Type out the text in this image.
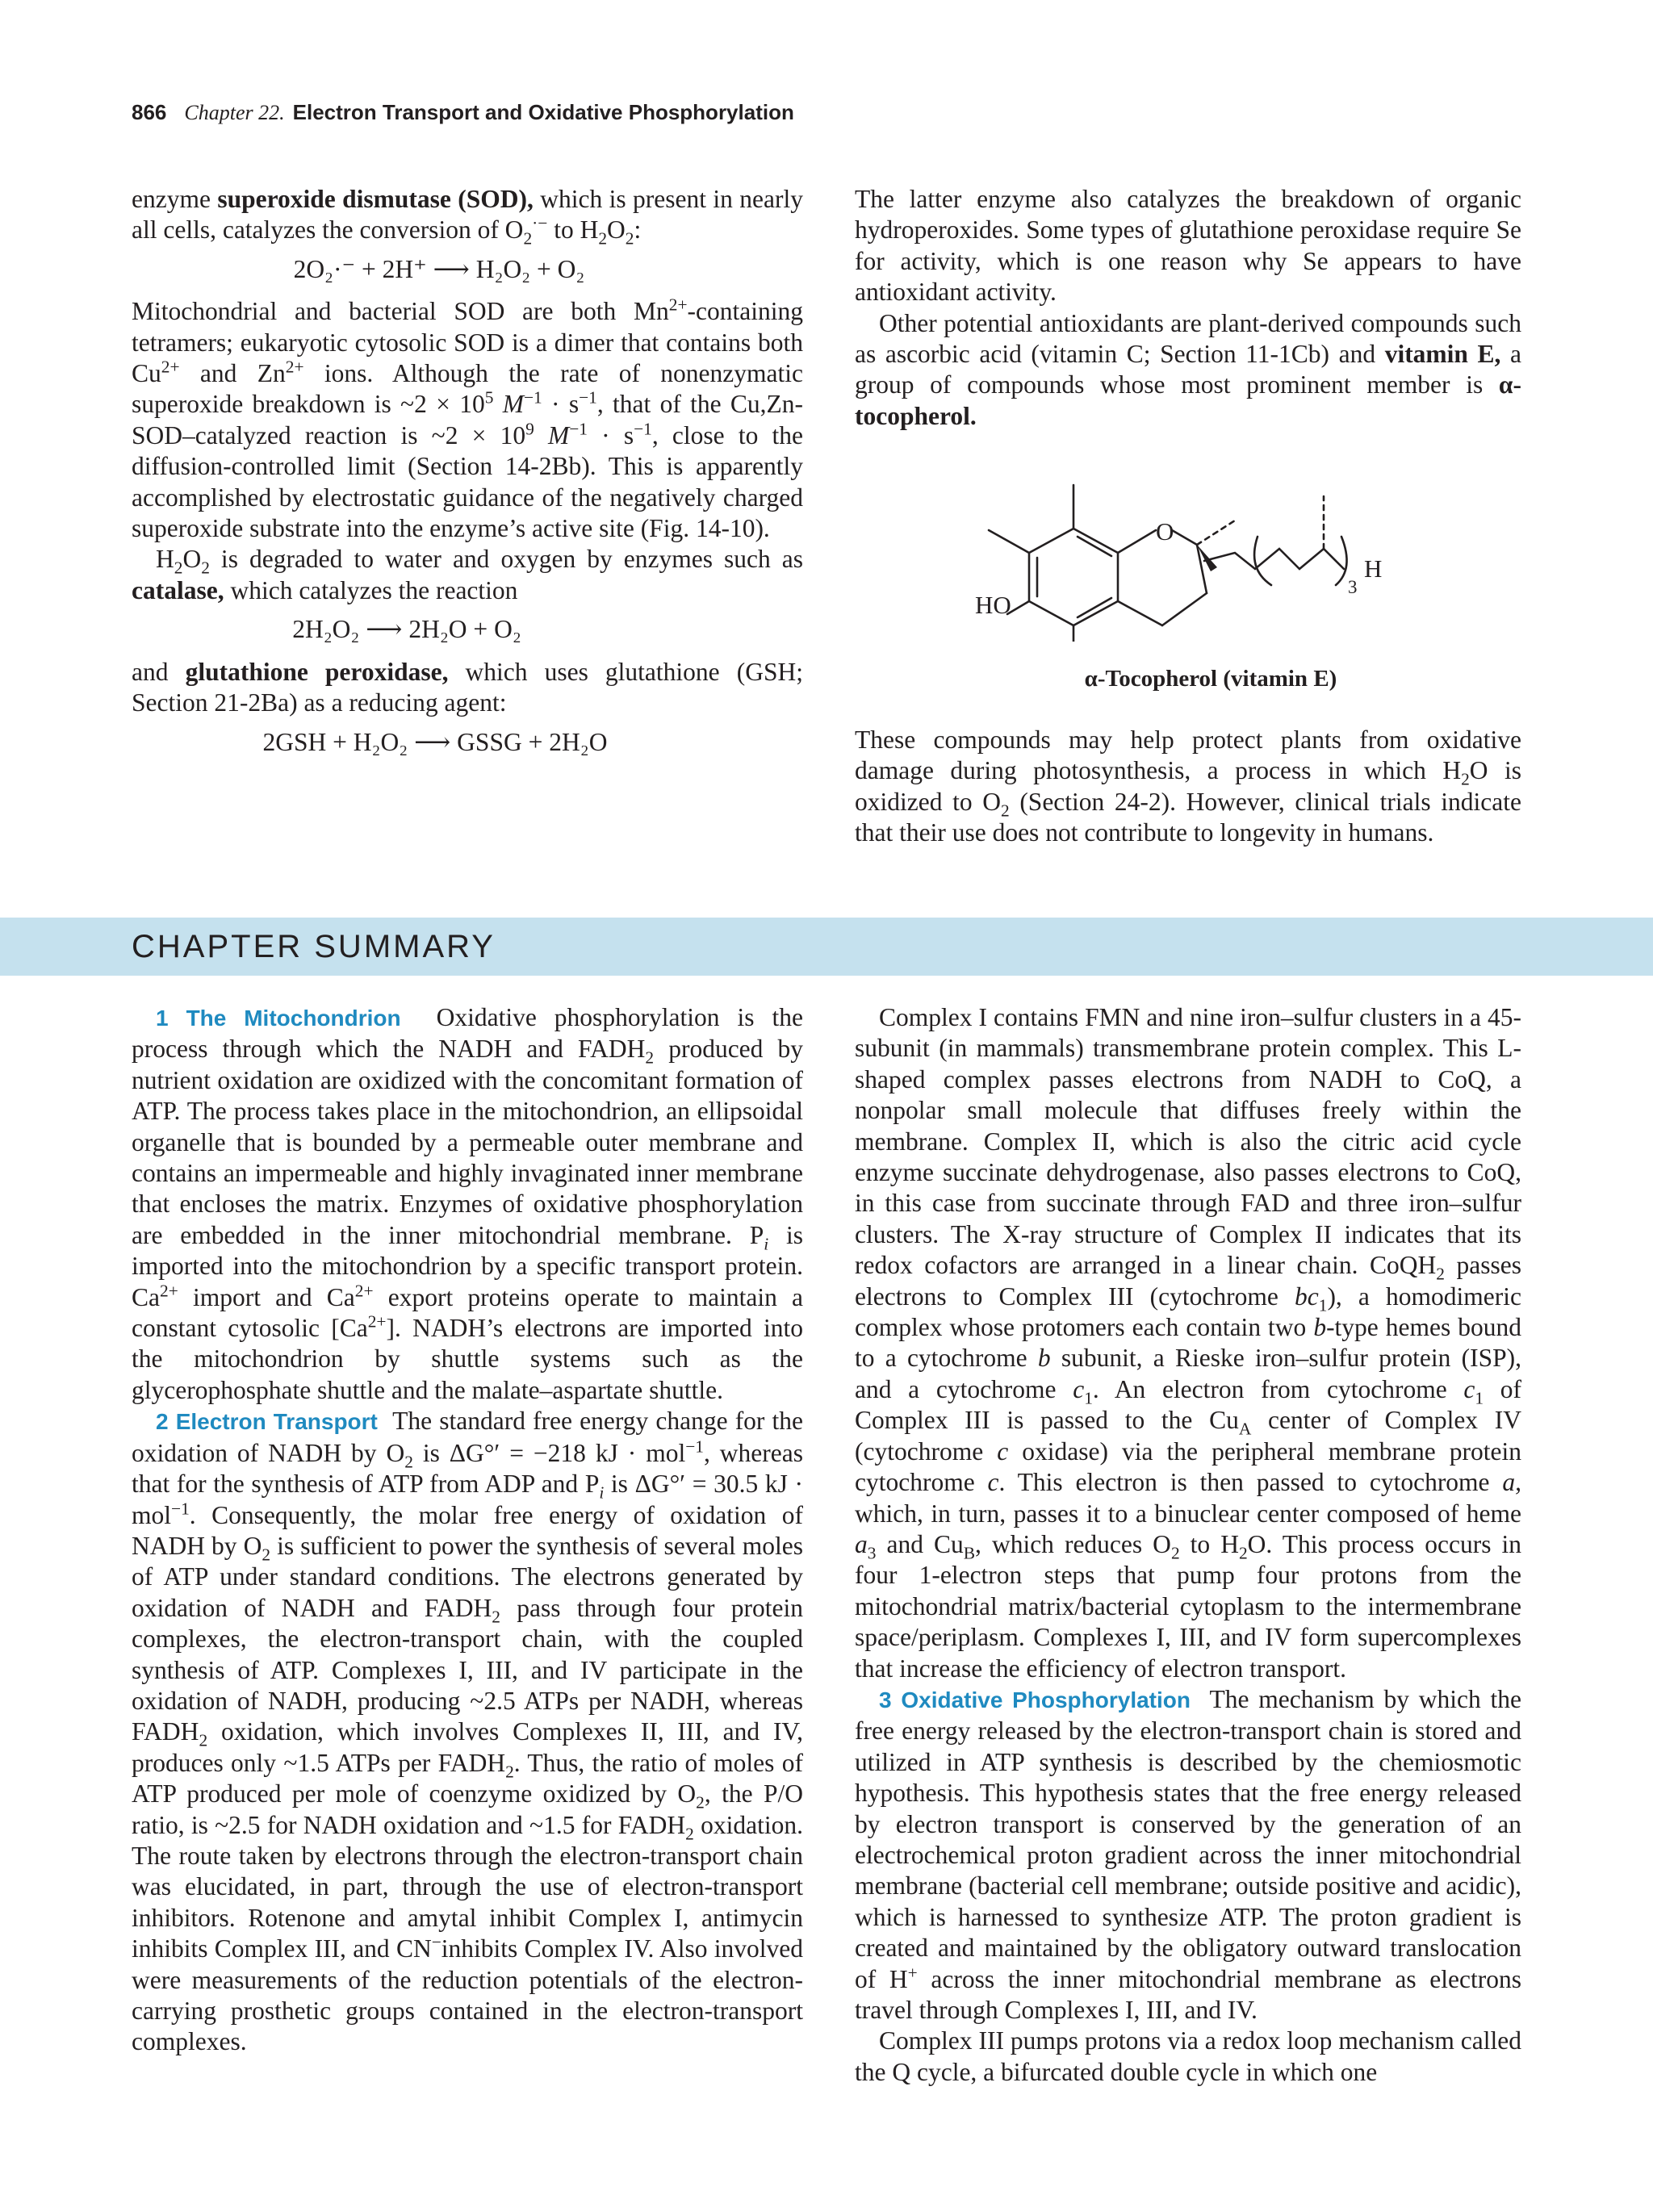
866 Chapter 22. Electron Transport and Oxidative Phosphorylation

enzyme superoxide dismutase (SOD), which is present in nearly all cells, catalyzes the conversion of $O_2^{\cdot-}$ to $H_2O_2$:

2O₂·⁻ + 2H⁺ ⟶ H₂O₂ + O₂

Mitochondrial and bacterial SOD are both $Mn^{2+}$-containing tetramers; eukaryotic cytosolic SOD is a dimer that contains both $Cu^{2+}$ and $Zn^{2+}$ ions. Although the rate of nonenzymatic superoxide breakdown is ~2 × $10^5$ $M^{-1} \cdot s^{-1}$, that of the Cu,Zn-SOD–catalyzed reaction is ~2 × $10^9$ $M^{-1} \cdot s^{-1}$, close to the diffusion-controlled limit (Section 14-2Bb). This is apparently accomplished by electrostatic guidance of the negatively charged superoxide substrate into the enzyme’s active site (Fig. 14-10).

$H_2O_2$ is degraded to water and oxygen by enzymes such as catalase, which catalyzes the reaction

2H₂O₂ ⟶ 2H₂O + O₂

and glutathione peroxidase, which uses glutathione (GSH; Section 21-2Ba) as a reducing agent:

2GSH + H₂O₂ ⟶ GSSG + 2H₂O

The latter enzyme also catalyzes the breakdown of organic hydroperoxides. Some types of glutathione peroxidase require Se for activity, which is one reason why Se appears to have antioxidant activity.

Other potential antioxidants are plant-derived compounds such as ascorbic acid (vitamin C; Section 11-1Cb) and vitamin E, a group of compounds whose most prominent member is α-tocopherol.

O
HO
3
H
α-Tocopherol (vitamin E)

These compounds may help protect plants from oxidative damage during photosynthesis, a process in which $H_2O$ is oxidized to $O_2$ (Section 24-2). However, clinical trials indicate that their use does not contribute to longevity in humans.

CHAPTER SUMMARY

1 The Mitochondrion Oxidative phosphorylation is the process through which the NADH and $FADH_2$ produced by nutrient oxidation are oxidized with the concomitant formation of ATP. The process takes place in the mitochondrion, an ellipsoidal organelle that is bounded by a permeable outer membrane and contains an impermeable and highly invaginated inner membrane that encloses the matrix. Enzymes of oxidative phosphorylation are embedded in the inner mitochondrial membrane. $P_i$ is imported into the mitochondrion by a specific transport protein. $Ca^{2+}$ import and $Ca^{2+}$ export proteins operate to maintain a constant cytosolic $[Ca^{2+}]$. NADH’s electrons are imported into the mitochondrion by shuttle systems such as the glycerophosphate shuttle and the malate–aspartate shuttle.

2 Electron Transport The standard free energy change for the oxidation of NADH by $O_2$ is ΔG°′ = −218 kJ · mol$^{-1}$, whereas that for the synthesis of ATP from ADP and $P_i$ is ΔG°′ = 30.5 kJ · mol$^{-1}$. Consequently, the molar free energy of oxidation of NADH by $O_2$ is sufficient to power the synthesis of several moles of ATP under standard conditions. The electrons generated by oxidation of NADH and $FADH_2$ pass through four protein complexes, the electron-transport chain, with the coupled synthesis of ATP. Complexes I, III, and IV participate in the oxidation of NADH, producing ~2.5 ATPs per NADH, whereas $FADH_2$ oxidation, which involves Complexes II, III, and IV, produces only ~1.5 ATPs per $FADH_2$. Thus, the ratio of moles of ATP produced per mole of coenzyme oxidized by $O_2$, the P/O ratio, is ~2.5 for NADH oxidation and ~1.5 for $FADH_2$ oxidation. The route taken by electrons through the electron-transport chain was elucidated, in part, through the use of electron-transport inhibitors. Rotenone and amytal inhibit Complex I, antimycin inhibits Complex III, and CN−inhibits Complex IV. Also involved were measurements of the reduction potentials of the electron-carrying prosthetic groups contained in the electron-transport complexes.

Complex I contains FMN and nine iron–sulfur clusters in a 45-subunit (in mammals) transmembrane protein complex. This L-shaped complex passes electrons from NADH to CoQ, a nonpolar small molecule that diffuses freely within the membrane. Complex II, which is also the citric acid cycle enzyme succinate dehydrogenase, also passes electrons to CoQ, in this case from succinate through FAD and three iron–sulfur clusters. The X-ray structure of Complex II indicates that its redox cofactors are arranged in a linear chain. CoQH$_2$ passes electrons to Complex III (cytochrome $bc_1$), a homodimeric complex whose protomers each contain two b-type hemes bound to a cytochrome b subunit, a Rieske iron–sulfur protein (ISP), and a cytochrome $c_1$. An electron from cytochrome $c_1$ of Complex III is passed to the $Cu_A$ center of Complex IV (cytochrome c oxidase) via the peripheral membrane protein cytochrome c. This electron is then passed to cytochrome a, which, in turn, passes it to a binuclear center composed of heme $a_3$ and $Cu_B$, which reduces $O_2$ to $H_2O$. This process occurs in four 1-electron steps that pump four protons from the mitochondrial matrix/bacterial cytoplasm to the intermembrane space/periplasm. Complexes I, III, and IV form supercomplexes that increase the efficiency of electron transport.

3 Oxidative Phosphorylation The mechanism by which the free energy released by the electron-transport chain is stored and utilized in ATP synthesis is described by the chemiosmotic hypothesis. This hypothesis states that the free energy released by electron transport is conserved by the generation of an electrochemical proton gradient across the inner mitochondrial membrane (bacterial cell membrane; outside positive and acidic), which is harnessed to synthesize ATP. The proton gradient is created and maintained by the obligatory outward translocation of H+ across the inner mitochondrial membrane as electrons travel through Complexes I, III, and IV.

Complex III pumps protons via a redox loop mechanism called the Q cycle, a bifurcated double cycle in which one
